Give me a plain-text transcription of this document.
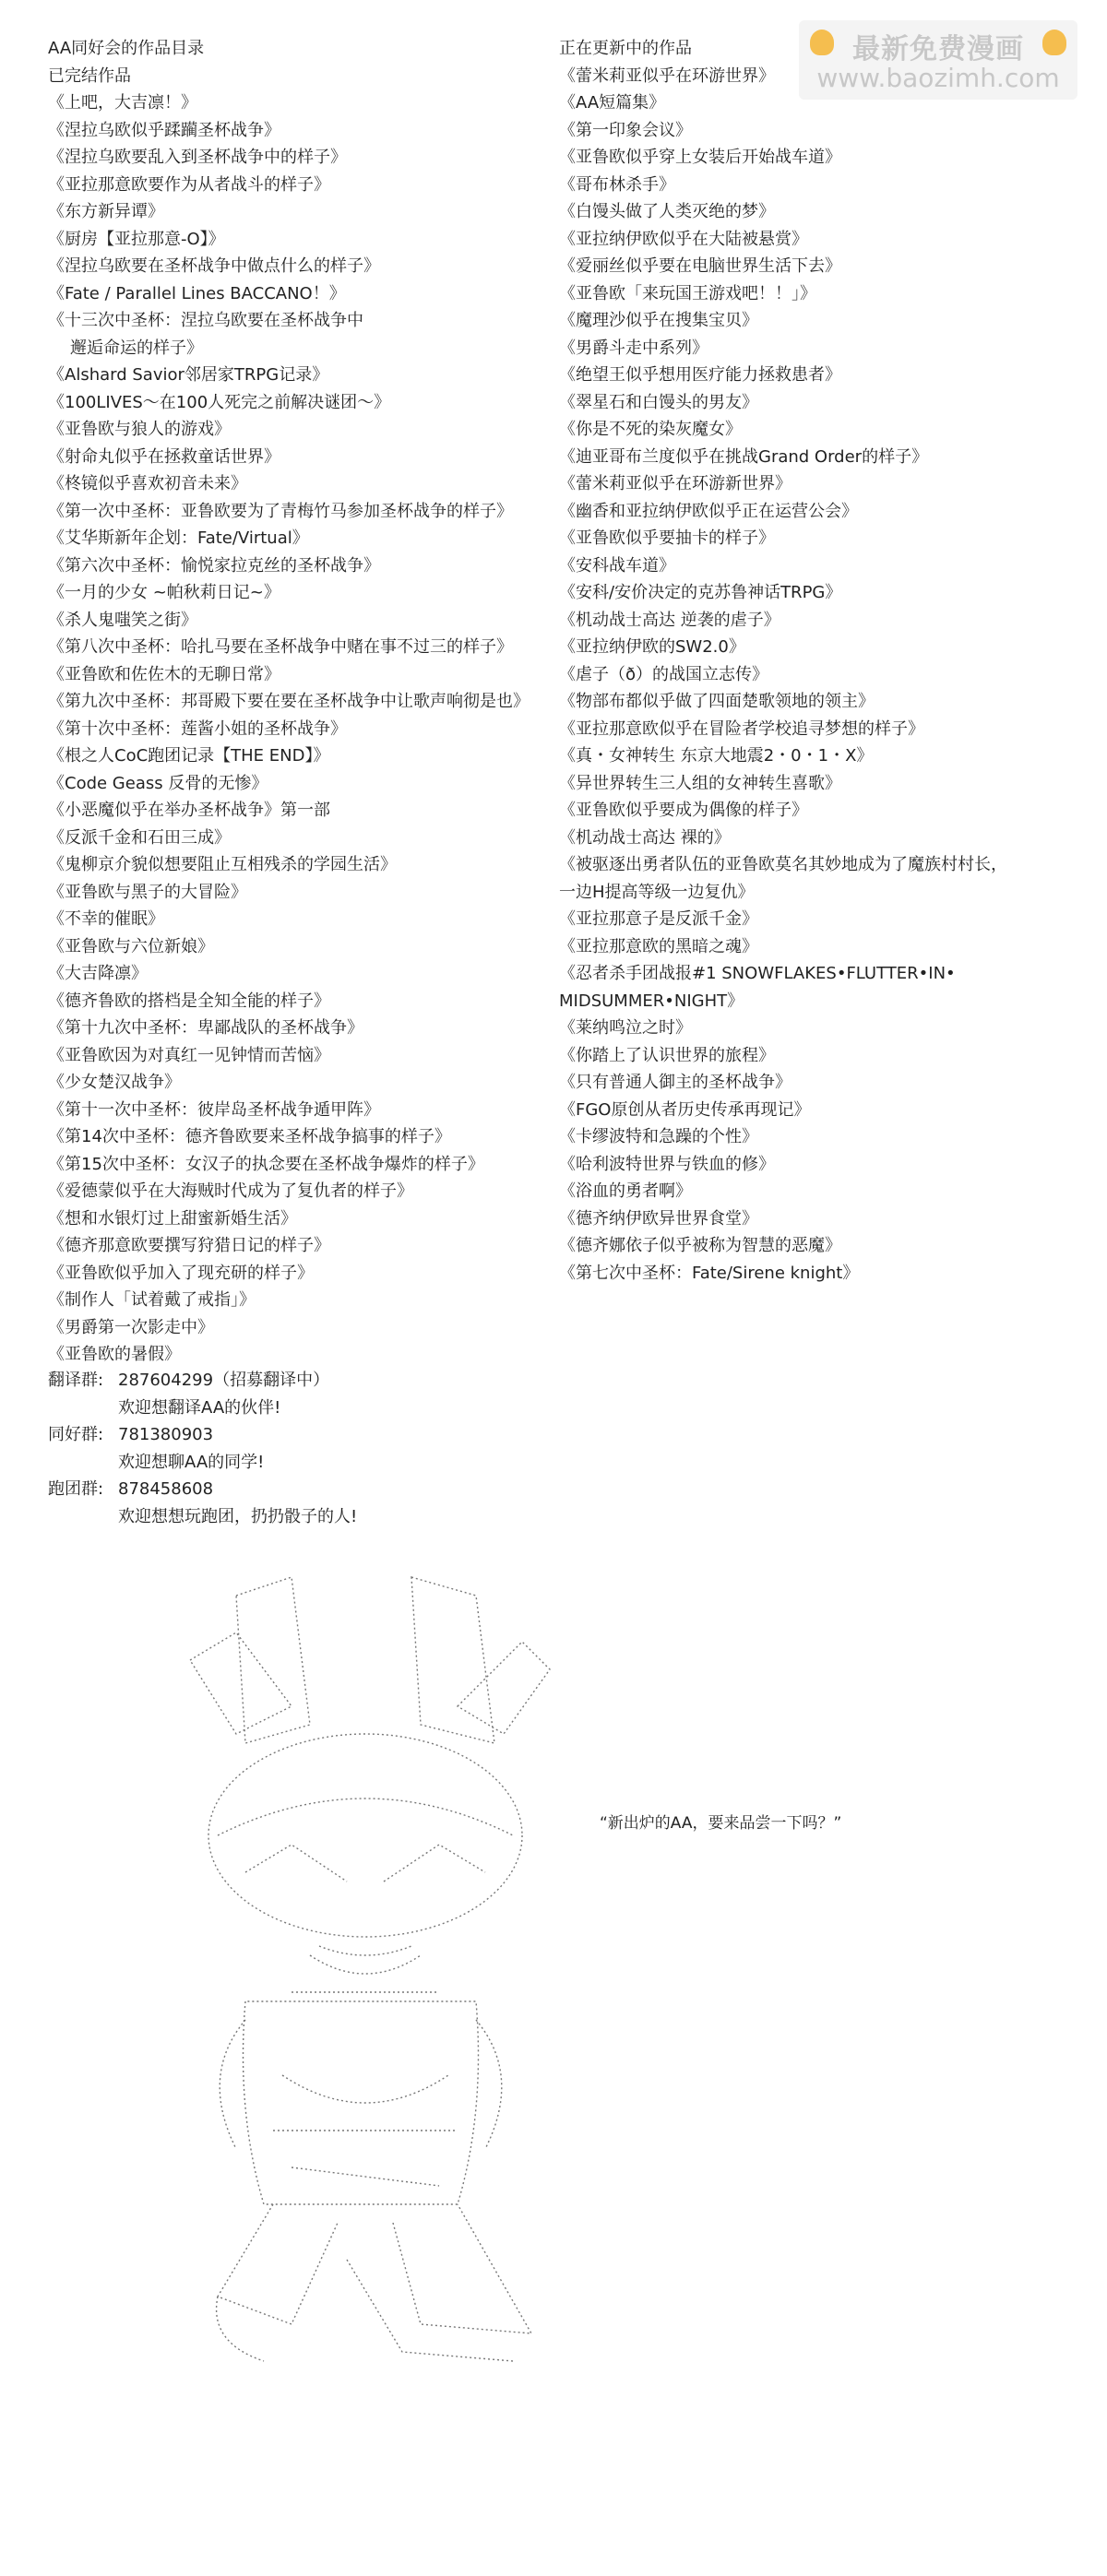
最新免费漫画
www.baozimh.com
AA同好会的作品目录
已完结作品
《上吧，大吉凛！》
《涅拉乌欧似乎蹂躏圣杯战争》
《涅拉乌欧要乱入到圣杯战争中的样子》
《亚拉那意欧要作为从者战斗的样子》
《东方新异谭》
《厨房【亚拉那意-O】》
《涅拉乌欧要在圣杯战争中做点什么的样子》
《Fate / Parallel Lines BACCANO！》
《十三次中圣杯：涅拉乌欧要在圣杯战争中
邂逅命运的样子》
《Alshard Savior邻居家TRPG记录》
《100LIVES～在100人死完之前解决谜团～》
《亚鲁欧与狼人的游戏》
《射命丸似乎在拯救童话世界》
《柊镜似乎喜欢初音未来》
《第一次中圣杯：亚鲁欧要为了青梅竹马参加圣杯战争的样子》
《艾华斯新年企划：Fate/Virtual》
《第六次中圣杯：愉悦家拉克丝的圣杯战争》
《一月的少女 ~帕秋莉日记~》
《杀人鬼嗤笑之街》
《第八次中圣杯：哈扎马要在圣杯战争中赌在事不过三的样子》
《亚鲁欧和佐佐木的无聊日常》
《第九次中圣杯：邦哥殿下要在要在圣杯战争中让歌声响彻是也》
《第十次中圣杯：莲酱小姐的圣杯战争》
《根之人CoC跑团记录【THE END】》
《Code Geass 反骨的无惨》
《小恶魔似乎在举办圣杯战争》第一部
《反派千金和石田三成》
《鬼柳京介貌似想要阻止互相残杀的学园生活》
《亚鲁欧与黑子的大冒险》
《不幸的催眠》
《亚鲁欧与六位新娘》
《大吉降凛》
《德齐鲁欧的搭档是全知全能的样子》
《第十九次中圣杯：卑鄙战队的圣杯战争》
《亚鲁欧因为对真红一见钟情而苦恼》
《少女楚汉战争》
《第十一次中圣杯：彼岸岛圣杯战争遁甲阵》
《第14次中圣杯：德齐鲁欧要来圣杯战争搞事的样子》
《第15次中圣杯：女汉子的执念要在圣杯战争爆炸的样子》
《爱德蒙似乎在大海贼时代成为了复仇者的样子》
《想和水银灯过上甜蜜新婚生活》
《德齐那意欧要撰写狩猎日记的样子》
《亚鲁欧似乎加入了现充研的样子》
《制作人「试着戴了戒指」》
《男爵第一次影走中》
《亚鲁欧的暑假》
正在更新中的作品
《蕾米莉亚似乎在环游世界》
《AA短篇集》
《第一印象会议》
《亚鲁欧似乎穿上女装后开始战车道》
《哥布林杀手》
《白馒头做了人类灭绝的梦》
《亚拉纳伊欧似乎在大陆被悬赏》
《爱丽丝似乎要在电脑世界生活下去》
《亚鲁欧「来玩国王游戏吧！！」》
《魔理沙似乎在搜集宝贝》
《男爵斗走中系列》
《绝望王似乎想用医疗能力拯救患者》
《翠星石和白馒头的男友》
《你是不死的染灰魔女》
《迪亚哥布兰度似乎在挑战Grand Order的样子》
《蕾米莉亚似乎在环游新世界》
《幽香和亚拉纳伊欧似乎正在运营公会》
《亚鲁欧似乎要抽卡的样子》
《安科战车道》
《安科/安价决定的克苏鲁神话TRPG》
《机动战士高达 逆袭的虐子》
《亚拉纳伊欧的SW2.0》
《虐子（ð）的战国立志传》
《物部布都似乎做了四面楚歌领地的领主》
《亚拉那意欧似乎在冒险者学校追寻梦想的样子》
《真・女神转生 东京大地震2・0・1・X》
《异世界转生三人组的女神转生喜歌》
《亚鲁欧似乎要成为偶像的样子》
《机动战士高达 裸的》
《被驱逐出勇者队伍的亚鲁欧莫名其妙地成为了魔族村村长，
一边H提高等级一边复仇》
《亚拉那意子是反派千金》
《亚拉那意欧的黑暗之魂》
《忍者杀手团战报#1 SNOWFLAKES•FLUTTER•IN•
MIDSUMMER•NIGHT》
《莱纳鸣泣之时》
《你踏上了认识世界的旅程》
《只有普通人御主的圣杯战争》
《FGO原创从者历史传承再现记》
《卡缪波特和急躁的个性》
《哈利波特世界与铁血的修》
《浴血的勇者啊》
《德齐纳伊欧异世界食堂》
《德齐娜依子似乎被称为智慧的恶魔》
《第七次中圣杯：Fate/Sirene knight》
翻译群: 287604299（招募翻译中）
欢迎想翻译AA的伙伴!
同好群: 781380903
欢迎想聊AA的同学!
跑团群: 878458608
欢迎想想玩跑团，扔扔骰子的人!
“新出炉的AA，要来品尝一下吗？”
